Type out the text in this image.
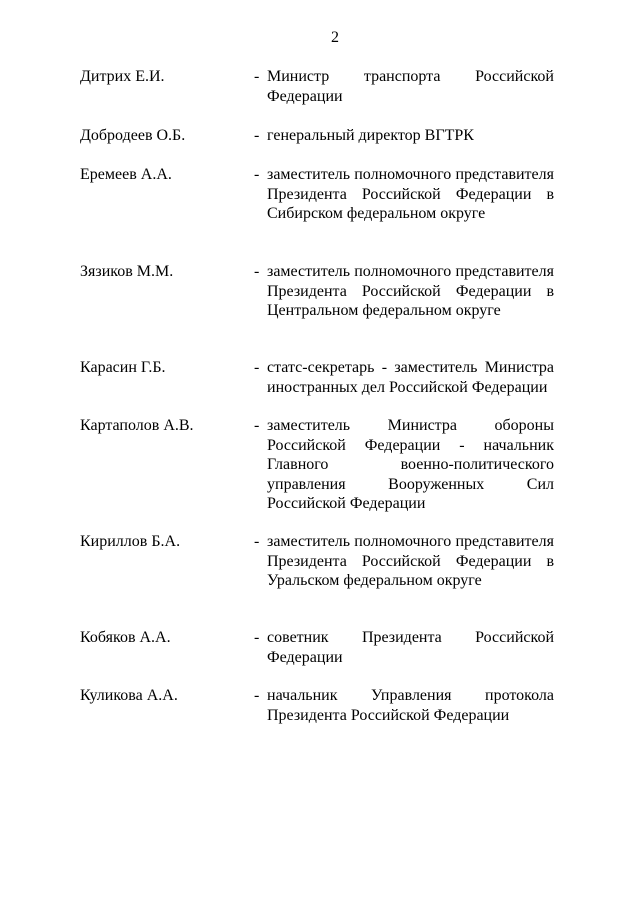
2
Дитрих Е.И.	- Министр транспорта Российской Федерации
Добродеев О.Б.	- генеральный директор ВГТРК
Еремеев А.А.	- заместитель полномочного представителя Президента Российской Федерации в Сибирском федеральном округе
Зязиков М.М.	- заместитель полномочного представителя Президента Российской Федерации в Центральном федеральном округе
Карасин Г.Б.	- статс-секретарь - заместитель Министра иностранных дел Российской Федерации
Картаполов А.В.	- заместитель Министра обороны Российской Федерации - начальник Главного военно-политического управления Вооруженных Сил Российской Федерации
Кириллов Б.А.	- заместитель полномочного представителя Президента Российской Федерации в Уральском федеральном округе
Кобяков А.А.	- советник Президента Российской Федерации
Куликова А.А.	- начальник Управления протокола Президента Российской Федерации
